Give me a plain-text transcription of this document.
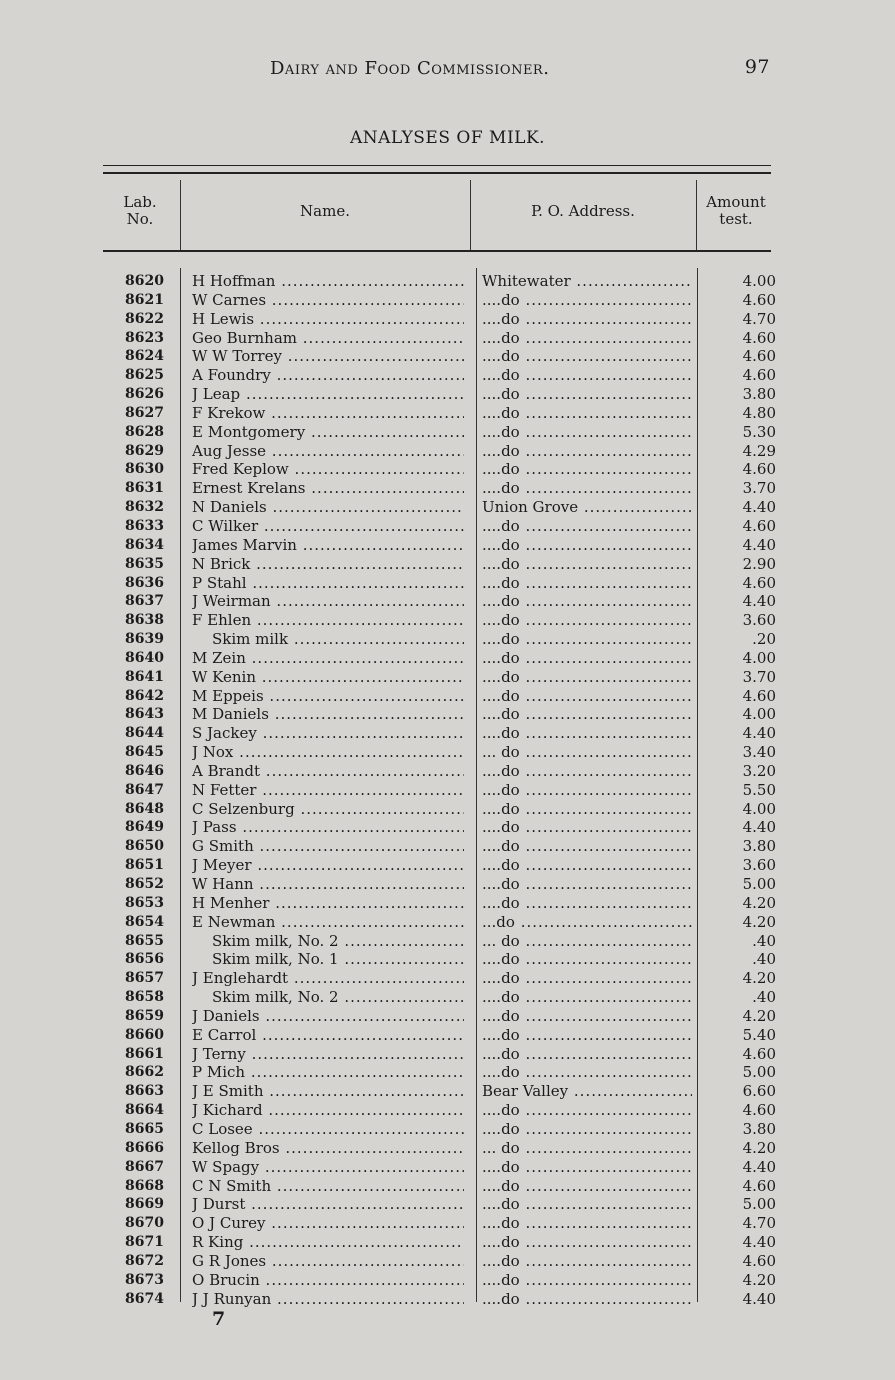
Dairy and Food Commissioner.	97
ANALYSES OF MILK.
Lab. No.	Name.	P. O. Address.	Amount test.
8620 H Hoffman .....	Whitewater .....	4.00
8621 W Carnes .....	....do .....	4.60
8622 H Lewis .....	....do .....	4.70
8623 Geo Burnham .....	....do .....	4.60
8624 W W Torrey .....	....do .....	4.60
8625 A Foundry .....	....do .....	4.60
8626 J Leap .....	....do .....	3.80
8627 F Krekow .....	....do .....	4.80
8628 E Montgomery .....	....do .....	5.30
8629 Aug Jesse .....	....do .....	4.29
8630 Fred Keplow .....	....do .....	4.60
8631 Ernest Krelans .....	....do .....	3.70
8632 N Daniels .....	Union Grove .....	4.40
8633 C Wilker .....	....do .....	4.60
8634 James Marvin .....	....do .....	4.40
8635 N Brick .....	....do .....	2.90
8636 P Stahl .....	....do .....	4.60
8637 J Weirman .....	....do .....	4.40
8638 F Ehlen .....	....do .....	3.60
8639	Skim milk .....	....do .....	.20
8640 M Zein .....	....do .....	4.00
8641 W Kenin .....	....do .....	3.70
8642 M Eppeis .....	....do .....	4.60
8643 M Daniels .....	....do .....	4.00
8644 S Jackey .....	....do .....	4.40
8645 J Nox .....	... do .....	3.40
8646 A Brandt .....	....do .....	3.20
8647 N Fetter .....	....do .....	5.50
8648 C Selzenburg .....	....do .....	4.00
8649 J Pass .....	....do .....	4.40
8650 G Smith .....	....do .....	3.80
8651 J Meyer .....	....do .....	3.60
8652 W Hann .....	....do .....	5.00
8653 H Menher .....	....do .....	4.20
8654 E Newman .....	...do .....	4.20
8655	Skim milk, No. 2 .....	... do .....	.40
8656	Skim milk, No. 1 .....	....do .....	.40
8657 J Englehardt .....	....do .....	4.20
8658	Skim milk, No. 2 .....	....do .....	.40
8659 J Daniels .....	....do .....	4.20
8660 E Carrol .....	....do .....	5.40
8661 J Terny .....	....do .....	4.60
8662 P Mich .....	....do .....	5.00
8663 J E Smith .....	Bear Valley .....	6.60
8664 J Kichard .....	....do .....	4.60
8665 C Losee .....	....do .....	3.80
8666 Kellog Bros .....	... do .....	4.20
8667 W Spagy .....	....do .....	4.40
8668 C N Smith .....	....do .....	4.60
8669 J Durst .....	....do .....	5.00
8670 O J Curey .....	....do .....	4.70
8671 R King .....	....do .....	4.40
8672 G R Jones .....	....do .....	4.60
8673 O Brucin .....	....do .....	4.20
8674 J J Runyan .....	....do .....	4.40
7
